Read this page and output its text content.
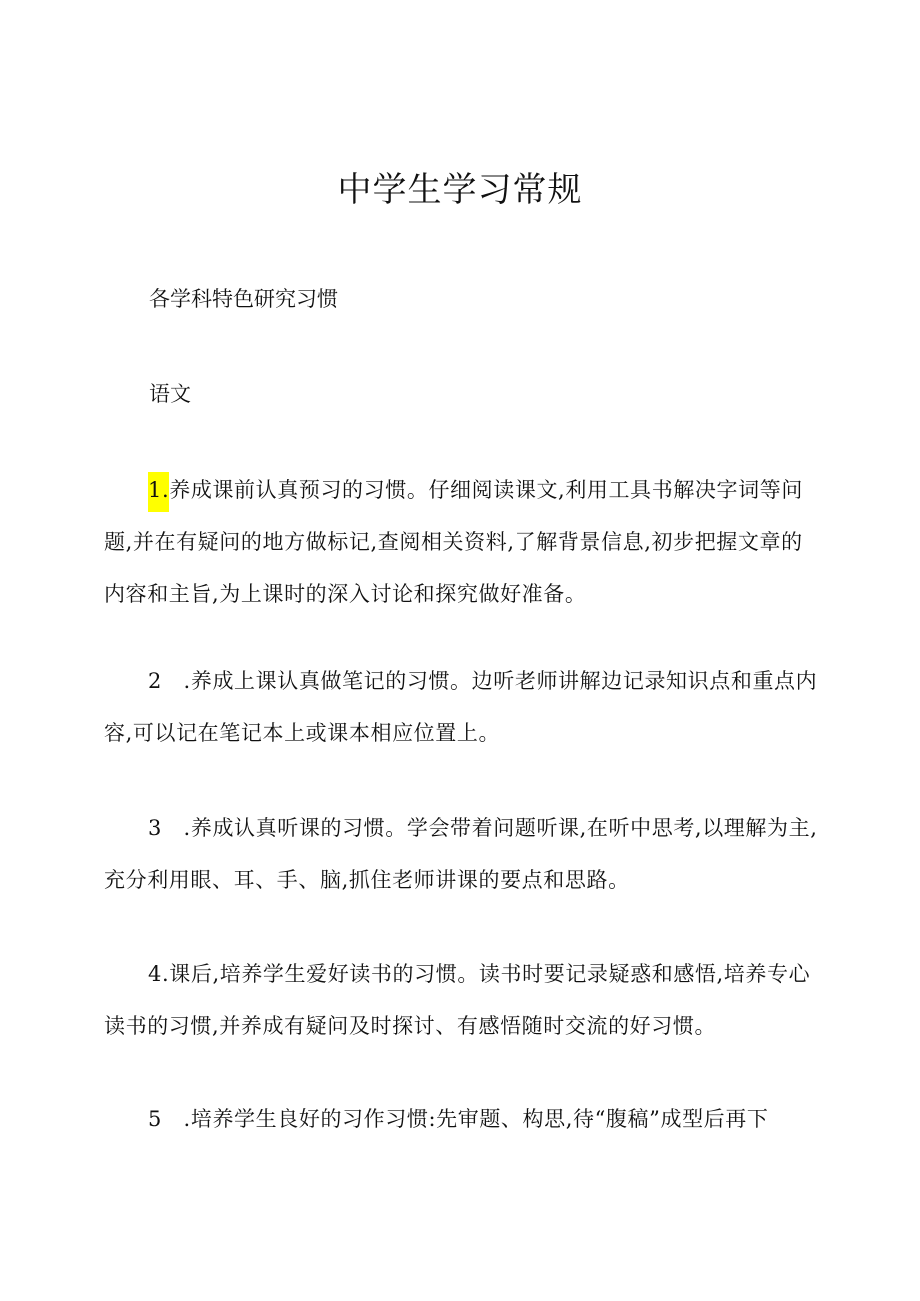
中学生学习常规

各学科特色研究习惯

语文

1.养成课前认真预习的习惯。仔细阅读课文,利用工具书解决字词等问题,并在有疑问的地方做标记,查阅相关资料,了解背景信息,初步把握文章的内容和主旨,为上课时的深入讨论和探究做好准备。

2　.养成上课认真做笔记的习惯。边听老师讲解边记录知识点和重点内容,可以记在笔记本上或课本相应位置上。

3　.养成认真听课的习惯。学会带着问题听课,在听中思考,以理解为主,充分利用眼、耳、手、脑,抓住老师讲课的要点和思路。

4.课后,培养学生爱好读书的习惯。读书时要记录疑惑和感悟,培养专心读书的习惯,并养成有疑问及时探讨、有感悟随时交流的好习惯。

5　.培养学生良好的习作习惯:先审题、构思,待“腹稿”成型后再下
